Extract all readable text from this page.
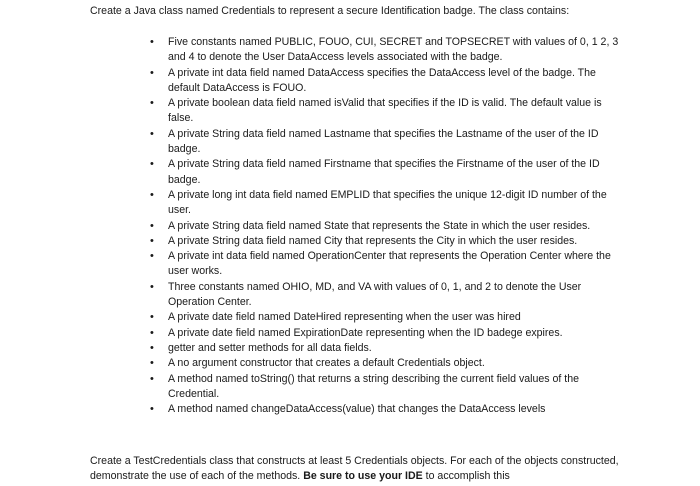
Create a Java class named Credentials to represent a secure Identification badge. The class contains:

•	Five constants named PUBLIC, FOUO, CUI, SECRET and TOPSECRET with values of 0, 1 2, 3 and 4 to denote the User DataAccess levels associated with the badge.
•	A private int data field named DataAccess specifies the DataAccess level of the badge. The default DataAccess is FOUO.
•	A private boolean data field named isValid that specifies if the ID is valid. The default value is false.
•	A private String data field named Lastname that specifies the Lastname of the user of the ID badge.
•	A private String data field named Firstname that specifies the Firstname of the user of the ID badge.
•	A private long int data field named EMPLID that specifies the unique 12-digit ID number of the user.
•	A private String data field named State that represents the State in which the user resides.
•	A private String data field named City that represents the City in which the user resides.
•	A private int data field named OperationCenter that represents the Operation Center where the user works.
•	Three constants named OHIO, MD, and VA with values of 0, 1, and 2 to denote the User Operation Center.
•	A private date field named DateHired representing when the user was hired
•	A private date field named ExpirationDate representing when the ID badege expires.
•	getter and setter methods for all data fields.
•	A no argument constructor that creates a default Credentials object.
•	A method named toString() that returns a string describing the current field values of the Credential.
•	A method named changeDataAccess(value) that changes the DataAccess levels

Create a TestCredentials class that constructs at least 5 Credentials objects. For each of the objects constructed, demonstrate the use of each of the methods. Be sure to use your IDE to accomplish this
